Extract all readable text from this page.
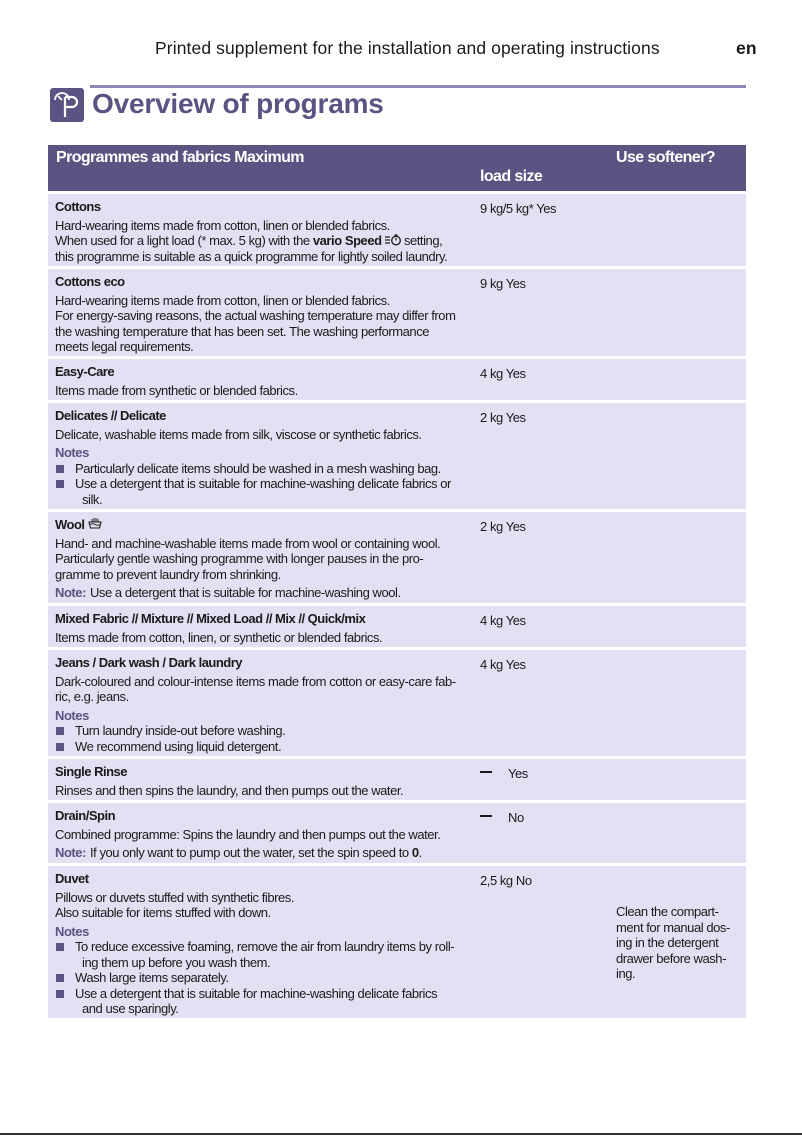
Printed supplement for the installation and operating instructions	en
Overview of programs
Programmes and fabrics Maximum
load size
Use softener?
Cottons
Hard-wearing items made from cotton, linen or blended fabrics.
When used for a light load (* max. 5 kg) with the vario Speed  setting,
this programme is suitable as a quick programme for lightly soiled laundry.
9 kg/5 kg* Yes
Cottons eco
Hard-wearing items made from cotton, linen or blended fabrics.
For energy-saving reasons, the actual washing temperature may differ from
the washing temperature that has been set. The washing performance
meets legal requirements.
9 kg Yes
Easy-Care
Items made from synthetic or blended fabrics.
4 kg Yes
Delicates // Delicate
Delicate, washable items made from silk, viscose or synthetic fabrics.
Notes
Particularly delicate items should be washed in a mesh washing bag.
Use a detergent that is suitable for machine-washing delicate fabrics or
silk.
2 kg Yes
Wool
Hand- and machine-washable items made from wool or containing wool.
Particularly gentle washing programme with longer pauses in the pro-
gramme to prevent laundry from shrinking.
Note: Use a detergent that is suitable for machine-washing wool.
2 kg Yes
Mixed Fabric // Mixture // Mixed Load // Mix // Quick/mix
Items made from cotton, linen, or synthetic or blended fabrics.
4 kg Yes
Jeans / Dark wash / Dark laundry
Dark-coloured and colour-intense items made from cotton or easy-care fab-
ric, e.g. jeans.
Notes
Turn laundry inside-out before washing.
We recommend using liquid detergent.
4 kg Yes
Single Rinse
Rinses and then spins the laundry, and then pumps out the water.
Yes
Drain/Spin
Combined programme: Spins the laundry and then pumps out the water.
Note: If you only want to pump out the water, set the spin speed to 0.
No
Duvet
Pillows or duvets stuffed with synthetic fibres.
Also suitable for items stuffed with down.
Notes
To reduce excessive foaming, remove the air from laundry items by roll-
ing them up before you wash them.
Wash large items separately.
Use a detergent that is suitable for machine-washing delicate fabrics
and use sparingly.
2,5 kg No
Clean the compart-
ment for manual dos-
ing in the detergent
drawer before wash-
ing.
